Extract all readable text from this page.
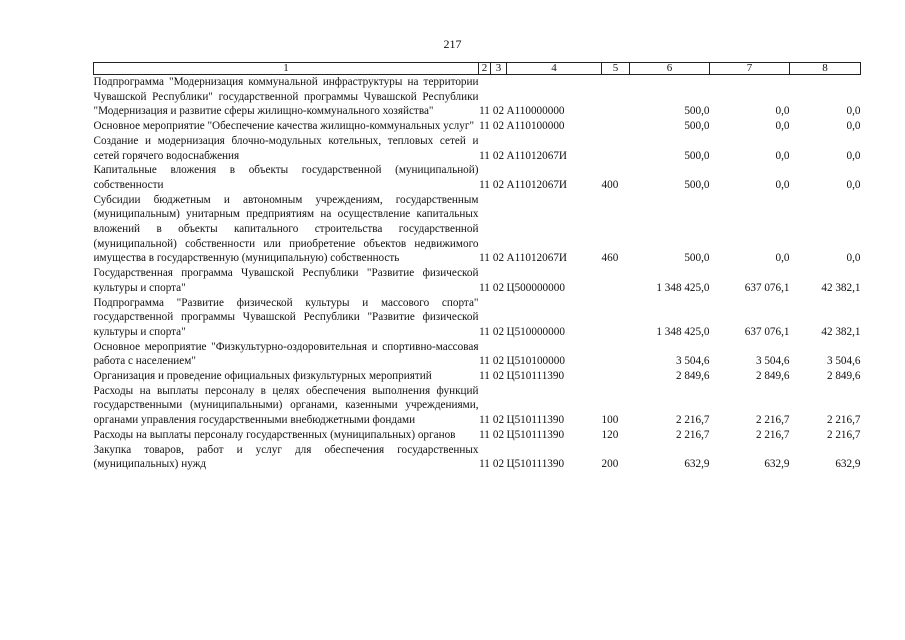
217
1	2	3	4	5	6	7	8
Подпрограмма "Модернизация коммунальной инфраструктуры на территории Чувашской Республики" государственной программы Чувашской Республики "Модернизация и развитие сферы жилищно-коммунального хозяйства"	11	02	А110000000		500,0	0,0	0,0
Основное мероприятие "Обеспечение качества жилищно-коммунальных услуг"	11	02	А110100000		500,0	0,0	0,0
Создание и модернизация блочно-модульных котельных, тепловых сетей и сетей горячего водоснабжения	11	02	А11012067И		500,0	0,0	0,0
Капитальные вложения в объекты государственной (муниципальной) собственности	11	02	А11012067И	400	500,0	0,0	0,0
Субсидии бюджетным и автономным учреждениям, государственным (муниципальным) унитарным предприятиям на осуществление капитальных вложений в объекты капитального строительства государственной (муниципальной) собственности или приобретение объектов недвижимого имущества в государственную (муниципальную) собственность	11	02	А11012067И	460	500,0	0,0	0,0
Государственная программа Чувашской Республики "Развитие физической культуры и спорта"	11	02	Ц500000000		1 348 425,0	637 076,1	42 382,1
Подпрограмма "Развитие физической культуры и массового спорта" государственной программы Чувашской Республики "Развитие физической культуры и спорта"	11	02	Ц510000000		1 348 425,0	637 076,1	42 382,1
Основное мероприятие "Физкультурно-оздоровительная и спортивно-массовая работа с населением"	11	02	Ц510100000		3 504,6	3 504,6	3 504,6
Организация и проведение официальных физкультурных мероприятий	11	02	Ц510111390		2 849,6	2 849,6	2 849,6
Расходы на выплаты персоналу в целях обеспечения выполнения функций государственными (муниципальными) органами, казенными учреждениями, органами управления государственными внебюджетными фондами	11	02	Ц510111390	100	2 216,7	2 216,7	2 216,7
Расходы на выплаты персоналу государственных (муниципальных) органов	11	02	Ц510111390	120	2 216,7	2 216,7	2 216,7
Закупка товаров, работ и услуг для обеспечения государственных (муниципальных) нужд	11	02	Ц510111390	200	632,9	632,9	632,9
